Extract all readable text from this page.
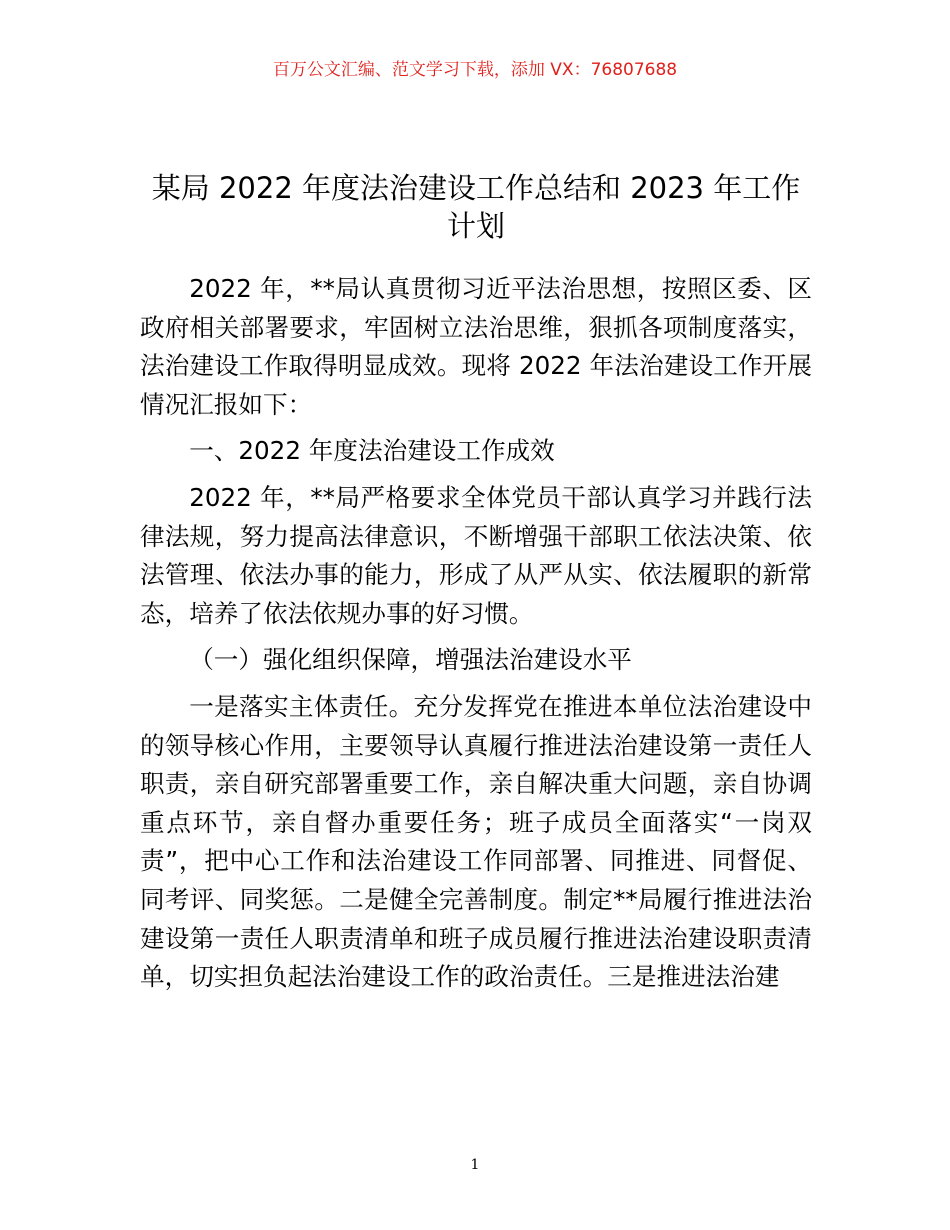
百万公文汇编、范文学习下载，添加 VX：76807688
某局 2022 年度法治建设工作总结和 2023 年工作计划

2022 年，**局认真贯彻习近平法治思想，按照区委、区政府相关部署要求，牢固树立法治思维，狠抓各项制度落实，法治建设工作取得明显成效。现将 2022 年法治建设工作开展情况汇报如下：

一、2022 年度法治建设工作成效

2022 年，**局严格要求全体党员干部认真学习并践行法律法规，努力提高法律意识，不断增强干部职工依法决策、依法管理、依法办事的能力，形成了从严从实、依法履职的新常态，培养了依法依规办事的好习惯。

（一）强化组织保障，增强法治建设水平

一是落实主体责任。充分发挥党在推进本单位法治建设中的领导核心作用，主要领导认真履行推进法治建设第一责任人职责，亲自研究部署重要工作，亲自解决重大问题，亲自协调重点环节，亲自督办重要任务；班子成员全面落实“一岗双责”，把中心工作和法治建设工作同部署、同推进、同督促、同考评、同奖惩。二是健全完善制度。制定**局履行推进法治建设第一责任人职责清单和班子成员履行推进法治建设职责清单，切实担负起法治建设工作的政治责任。三是推进法治建

1
